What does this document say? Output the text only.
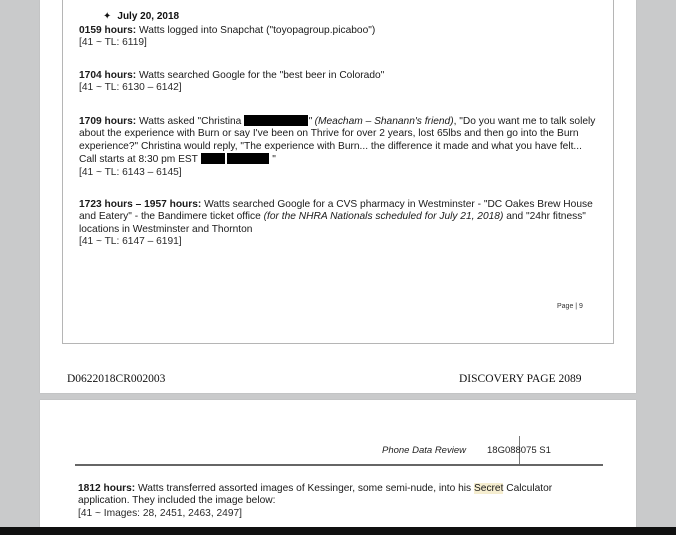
✦ July 20, 2018
0159 hours: Watts logged into Snapchat ("toyopagroup.picaboo")
[41 ~ TL: 6119]
1704 hours: Watts searched Google for the "best beer in Colorado"
[41 ~ TL: 6130 – 6142]
1709 hours: Watts asked "Christina	" (Meacham – Shanann's friend), "Do you want me to talk solely about the experience with Burn or say I've been on Thrive for over 2 years, lost 65lbs and then go into the Burn experience?" Christina would reply, "The experience with Burn... the difference it made and what you have felt... Call starts at 8:30 pm EST	"
[41 ~ TL: 6143 – 6145]
1723 hours – 1957 hours: Watts searched Google for a CVS pharmacy in Westminster - "DC Oakes Brew House and Eatery" - the Bandimere ticket office (for the NHRA Nationals scheduled for July 21, 2018) and "24hr fitness" locations in Westminster and Thornton
[41 ~ TL: 6147 – 6191]
Page | 9
D0622018CR002003	DISCOVERY PAGE 2089
Phone Data Review 18G088075 S1
1812 hours: Watts transferred assorted images of Kessinger, some semi-nude, into his Secret Calculator application. They included the image below:
[41 ~ Images: 28, 2451, 2463, 2497]
